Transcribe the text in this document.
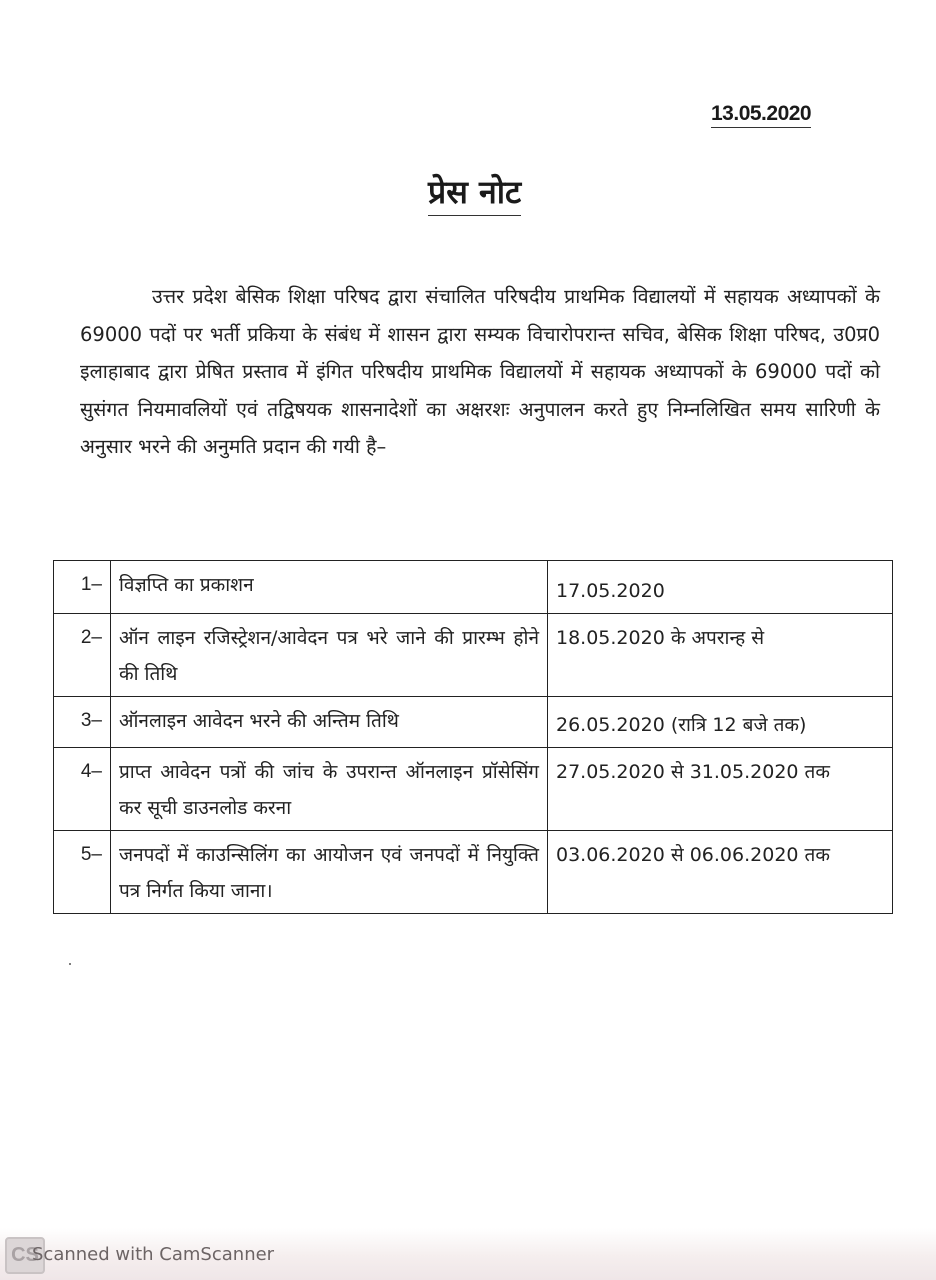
13.05.2020
प्रेस नोट
उत्तर प्रदेश बेसिक शिक्षा परिषद द्वारा संचालित परिषदीय प्राथमिक विद्यालयों में सहायक अध्यापकों के 69000 पदों पर भर्ती प्रकिया के संबंध में शासन द्वारा सम्यक विचारोपरान्त सचिव, बेसिक शिक्षा परिषद, उ0प्र0 इलाहाबाद द्वारा प्रेषित प्रस्ताव में इंगित परिषदीय प्राथमिक विद्यालयों में सहायक अध्यापकों के 69000 पदों को सुसंगत नियमावलियों एवं तद्विषयक शासनादेशों का अक्षरशः अनुपालन करते हुए निम्नलिखित समय सारिणी के अनुसार भरने की अनुमति प्रदान की गयी है–
1–	विज्ञप्ति का प्रकाशन	17.05.2020
2–	ऑन लाइन रजिस्ट्रेशन/आवेदन पत्र भरे जाने की प्रारम्भ होने की तिथि	18.05.2020 के अपरान्ह से
3–	ऑनलाइन आवेदन भरने की अन्तिम तिथि	26.05.2020 (रात्रि 12 बजे तक)
4–	प्राप्त आवेदन पत्रों की जांच के उपरान्त ऑनलाइन प्रॉसेसिंग कर सूची डाउनलोड करना	27.05.2020 से 31.05.2020 तक
5–	जनपदों में काउन्सिलिंग का आयोजन एवं जनपदों में नियुक्ति पत्र निर्गत किया जाना।	03.06.2020 से 06.06.2020 तक
CS
Scanned with CamScanner
